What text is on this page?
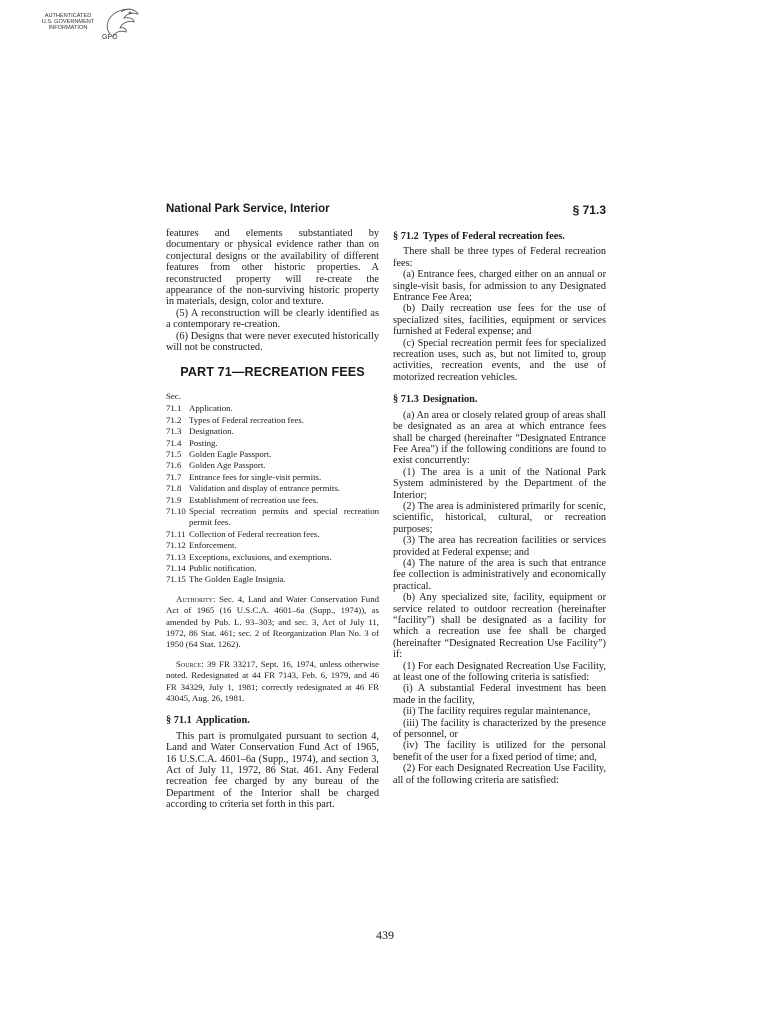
AUTHENTICATED
U.S. GOVERNMENT
INFORMATION
GPO
National Park Service, Interior	§ 71.3

features and elements substantiated by documentary or physical evidence rather than on conjectural designs or the availability of different features from other historic properties. A reconstructed property will re-create the appearance of the non-surviving historic property in materials, design, color and texture.

(5) A reconstruction will be clearly identified as a contemporary re-creation.

(6) Designs that were never executed historically will not be constructed.

PART 71—RECREATION FEES
Sec.
71.1 Application.
71.2 Types of Federal recreation fees.
71.3 Designation.
71.4 Posting.
71.5 Golden Eagle Passport.
71.6 Golden Age Passport.
71.7 Entrance fees for single-visit permits.
71.8 Validation and display of entrance permits.
71.9 Establishment of recreation use fees.
71.10 Special recreation permits and special recreation permit fees.
71.11 Collection of Federal recreation fees.
71.12 Enforcement.
71.13 Exceptions, exclusions, and exemptions.
71.14 Public notification.
71.15 The Golden Eagle Insignia.

Authority: Sec. 4, Land and Water Conservation Fund Act of 1965 (16 U.S.C.A. 4601–6a (Supp., 1974)), as amended by Pub. L. 93–303; and sec. 3, Act of July 11, 1972, 86 Stat. 461; sec. 2 of Reorganization Plan No. 3 of 1950 (64 Stat. 1262).

Source: 39 FR 33217, Sept. 16, 1974, unless otherwise noted. Redesignated at 44 FR 7143, Feb. 6, 1979, and 46 FR 34329, July 1, 1981; correctly redesignated at 46 FR 43045, Aug. 26, 1981.

§ 71.1 Application.

This part is promulgated pursuant to section 4, Land and Water Conservation Fund Act of 1965, 16 U.S.C.A. 4601–6a (Supp., 1974), and section 3, Act of July 11, 1972, 86 Stat. 461. Any Federal recreation fee charged by any bureau of the Department of the Interior shall be charged according to criteria set forth in this part.

§ 71.2 Types of Federal recreation fees.

There shall be three types of Federal recreation fees:

(a) Entrance fees, charged either on an annual or single-visit basis, for admission to any Designated Entrance Fee Area;

(b) Daily recreation use fees for the use of specialized sites, facilities, equipment or services furnished at Federal expense; and

(c) Special recreation permit fees for specialized recreation uses, such as, but not limited to, group activities, recreation events, and the use of motorized recreation vehicles.

§ 71.3 Designation.

(a) An area or closely related group of areas shall be designated as an area at which entrance fees shall be charged (hereinafter “Designated Entrance Fee Area”) if the following conditions are found to exist concurrently:

(1) The area is a unit of the National Park System administered by the Department of the Interior;

(2) The area is administered primarily for scenic, scientific, historical, cultural, or recreation purposes;

(3) The area has recreation facilities or services provided at Federal expense; and

(4) The nature of the area is such that entrance fee collection is administratively and economically practical.

(b) Any specialized site, facility, equipment or service related to outdoor recreation (hereinafter “facility”) shall be designated as a facility for which a recreation use fee shall be charged (hereinafter “Designated Recreation Use Facility”) if:

(1) For each Designated Recreation Use Facility, at least one of the following criteria is satisfied:

(i) A substantial Federal investment has been made in the facility,

(ii) The facility requires regular maintenance,

(iii) The facility is characterized by the presence of personnel, or

(iv) The facility is utilized for the personal benefit of the user for a fixed period of time; and,

(2) For each Designated Recreation Use Facility, all of the following criteria are satisfied:

439
